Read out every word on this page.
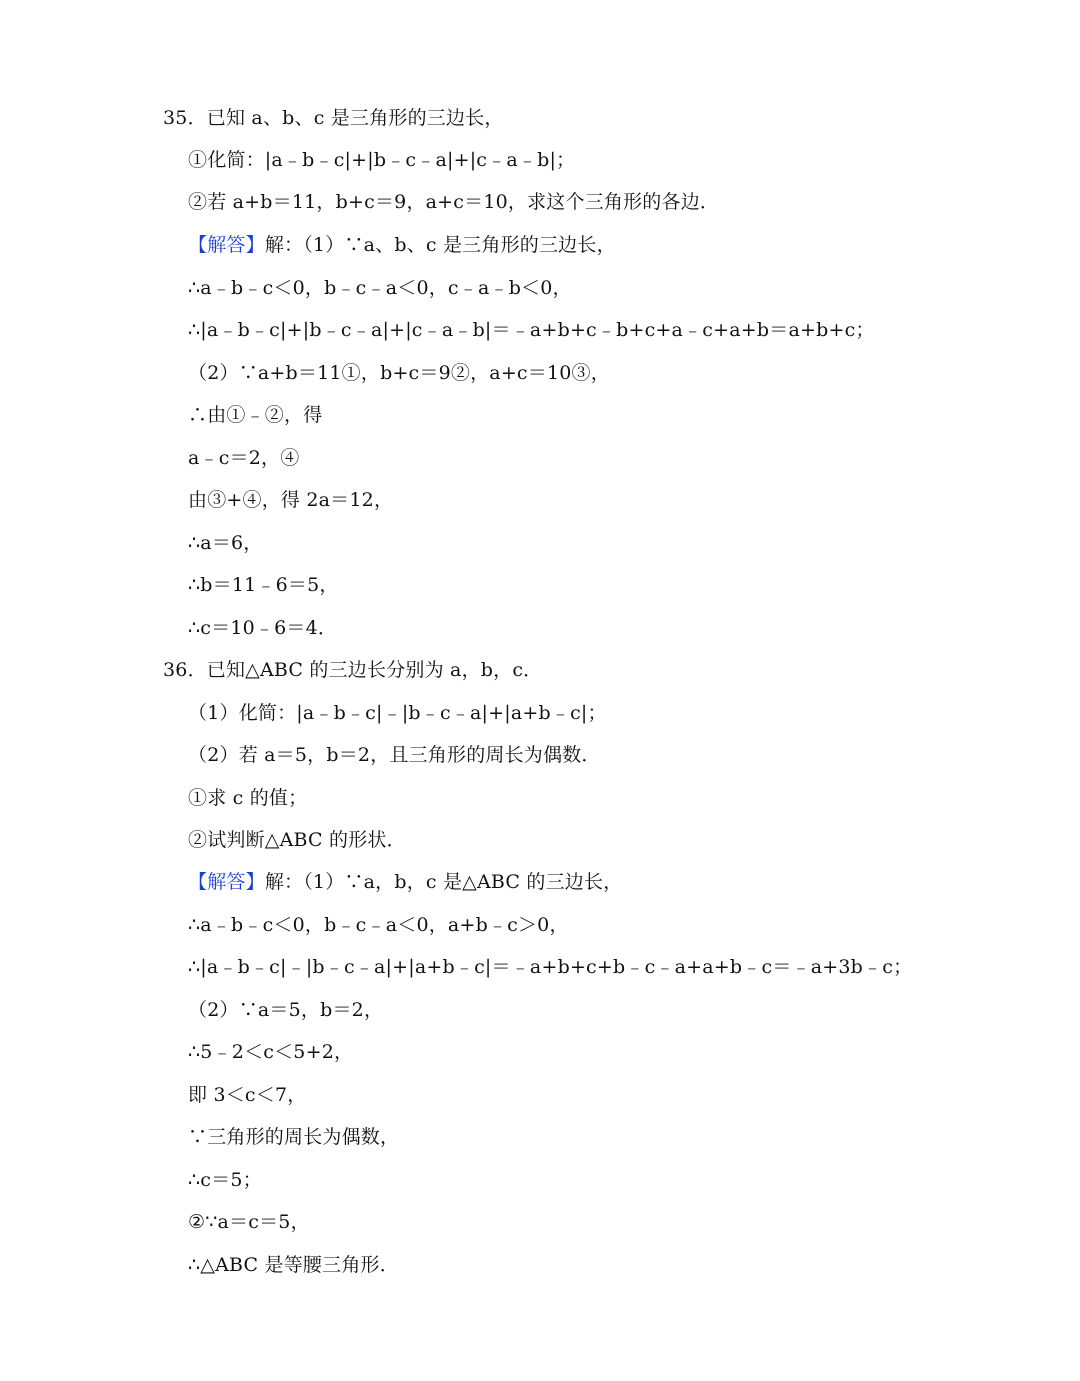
35．已知 a、b、c 是三角形的三边长，
①化简：|a﹣b﹣c|+|b﹣c﹣a|+|c﹣a﹣b|；
②若 a+b＝11，b+c＝9，a+c＝10，求这个三角形的各边．
【解答】解：（1）∵a、b、c 是三角形的三边长，
∴a﹣b﹣c＜0，b﹣c﹣a＜0，c﹣a﹣b＜0，
∴|a﹣b﹣c|+|b﹣c﹣a|+|c﹣a﹣b|＝﹣a+b+c﹣b+c+a﹣c+a+b＝a+b+c；
（2）∵a+b＝11①，b+c＝9②，a+c＝10③，
∴由①﹣②，得
a﹣c＝2，④
由③+④，得 2a＝12，
∴a＝6，
∴b＝11﹣6＝5，
∴c＝10﹣6＝4．
36．已知△ABC 的三边长分别为 a，b，c．
（1）化简：|a﹣b﹣c|﹣|b﹣c﹣a|+|a+b﹣c|；
（2）若 a＝5，b＝2，且三角形的周长为偶数．
①求 c 的值；
②试判断△ABC 的形状．
【解答】解：（1）∵a，b，c 是△ABC 的三边长，
∴a﹣b﹣c＜0，b﹣c﹣a＜0，a+b﹣c＞0，
∴|a﹣b﹣c|﹣|b﹣c﹣a|+|a+b﹣c|＝﹣a+b+c+b﹣c﹣a+a+b﹣c＝﹣a+3b﹣c；
（2）∵a＝5，b＝2，
∴5﹣2＜c＜5+2，
即 3＜c＜7，
∵三角形的周长为偶数，
∴c＝5；
②∵a＝c＝5，
∴△ABC 是等腰三角形．
